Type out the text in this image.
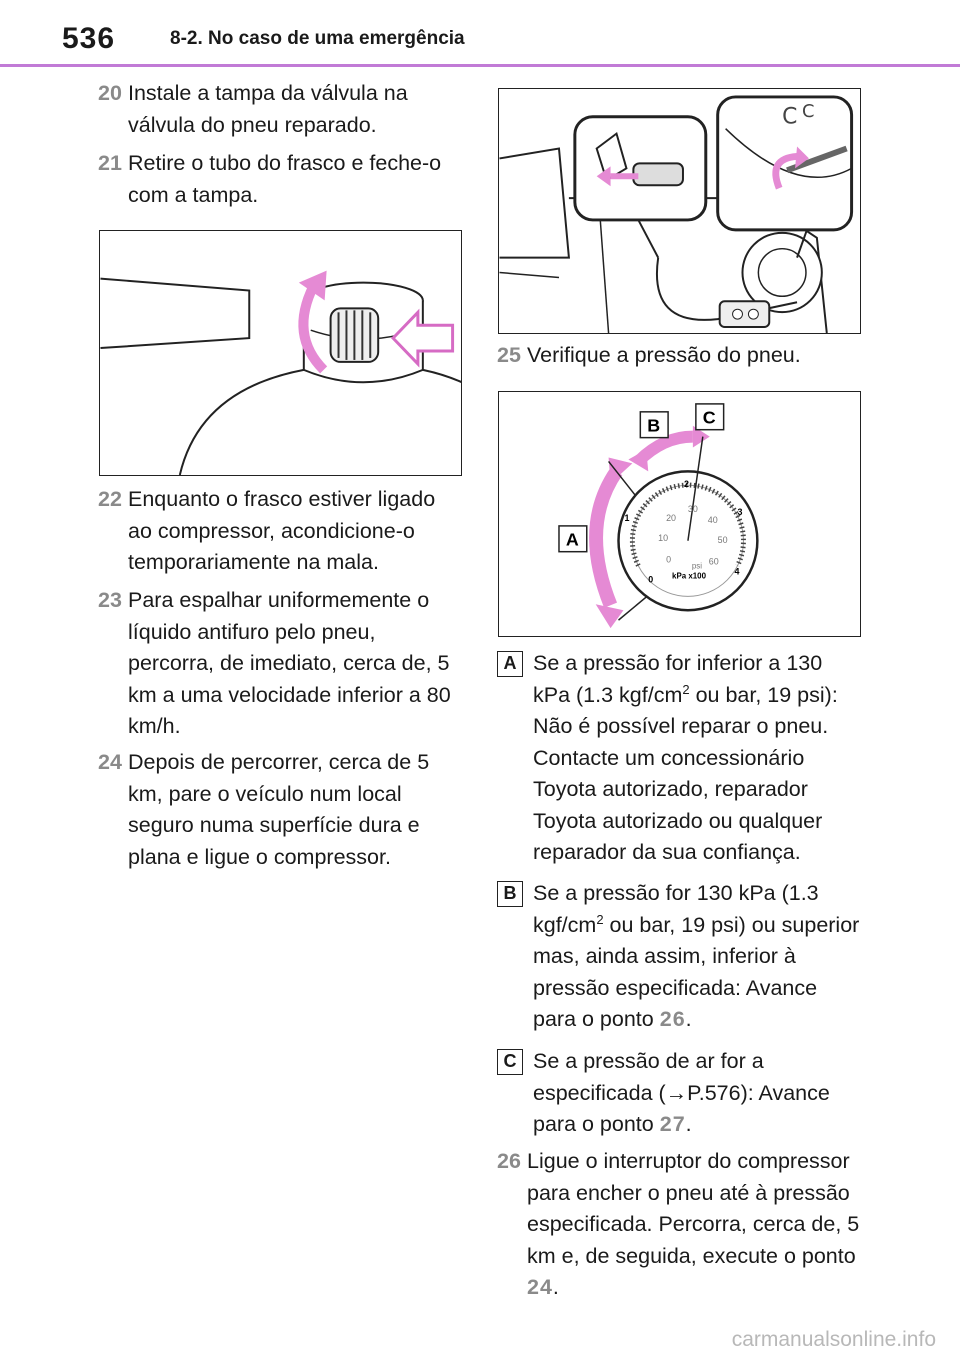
536	8-2. No caso de uma emergência
20 Instale a tampa da válvula na válvula do pneu reparado.
21 Retire o tubo do frasco e feche-o com a tampa.
22 Enquanto o frasco estiver ligado ao compressor, acondicione-o temporariamente na mala.
23 Para espalhar uniformemente o líquido antifuro pelo pneu, percorra, de imediato, cerca de, 5 km a uma velocidade inferior a 80 km/h.
24 Depois de percorrer, cerca de 5 km, pare o veículo num local seguro numa superfície dura e plana e ligue o compressor.
C C
25 Verifique a pressão do pneu.
0
1
2
3
4
0
10
20
30
40
50
60
psi
kPa x100
A
B C
A Se a pressão for inferior a 130 kPa (1.3 kgf/$cm^2$ ou bar, 19 psi): Não é possível reparar o pneu. Contacte um concessionário Toyota autorizado, reparador Toyota autorizado ou qualquer reparador da sua confiança.
B Se a pressão for 130 kPa (1.3 kgf/$cm^2$ ou bar, 19 psi) ou superior mas, ainda assim, inferior à pressão especificada: Avance para o ponto 26.
C Se a pressão de ar for a especificada (→P.576): Avance para o ponto 27.
26 Ligue o interruptor do compressor para encher o pneu até à pressão especificada. Percorra, cerca de, 5 km e, de seguida, execute o ponto 24.
carmanualsonline.info
